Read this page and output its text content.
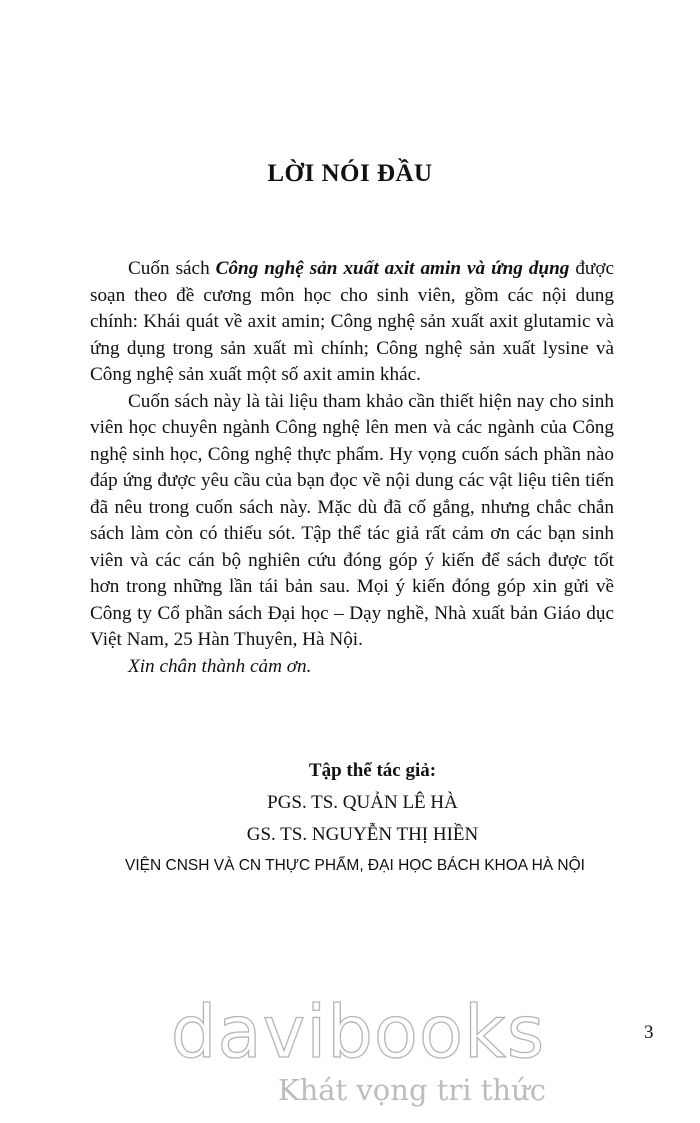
LỜI NÓI ĐẦU

Cuốn sách Công nghệ sản xuất axit amin và ứng dụng được soạn theo đề cương môn học cho sinh viên, gồm các nội dung chính: Khái quát về axit amin; Công nghệ sản xuất axit glutamic và ứng dụng trong sản xuất mì chính; Công nghệ sản xuất lysine và Công nghệ sản xuất một số axit amin khác.

Cuốn sách này là tài liệu tham khảo cần thiết hiện nay cho sinh viên học chuyên ngành Công nghệ lên men và các ngành của Công nghệ sinh học, Công nghệ thực phẩm. Hy vọng cuốn sách phần nào đáp ứng được yêu cầu của bạn đọc về nội dung các vật liệu tiên tiến đã nêu trong cuốn sách này. Mặc dù đã cố gắng, nhưng chắc chắn sách làm còn có thiếu sót. Tập thể tác giả rất cảm ơn các bạn sinh viên và các cán bộ nghiên cứu đóng góp ý kiến để sách được tốt hơn trong những lần tái bản sau. Mọi ý kiến đóng góp xin gửi về Công ty Cổ phần sách Đại học – Dạy nghề, Nhà xuất bản Giáo dục Việt Nam, 25 Hàn Thuyên, Hà Nội.

Xin chân thành cảm ơn.

Tập thể tác giả:
PGS. TS. QUẢN LÊ HÀ
GS. TS. NGUYỄN THỊ HIỀN
VIỆN CNSH VÀ CN THỰC PHẨM, ĐẠI HỌC BÁCH KHOA HÀ NỘI
davibooks
Khát vọng tri thức
3
